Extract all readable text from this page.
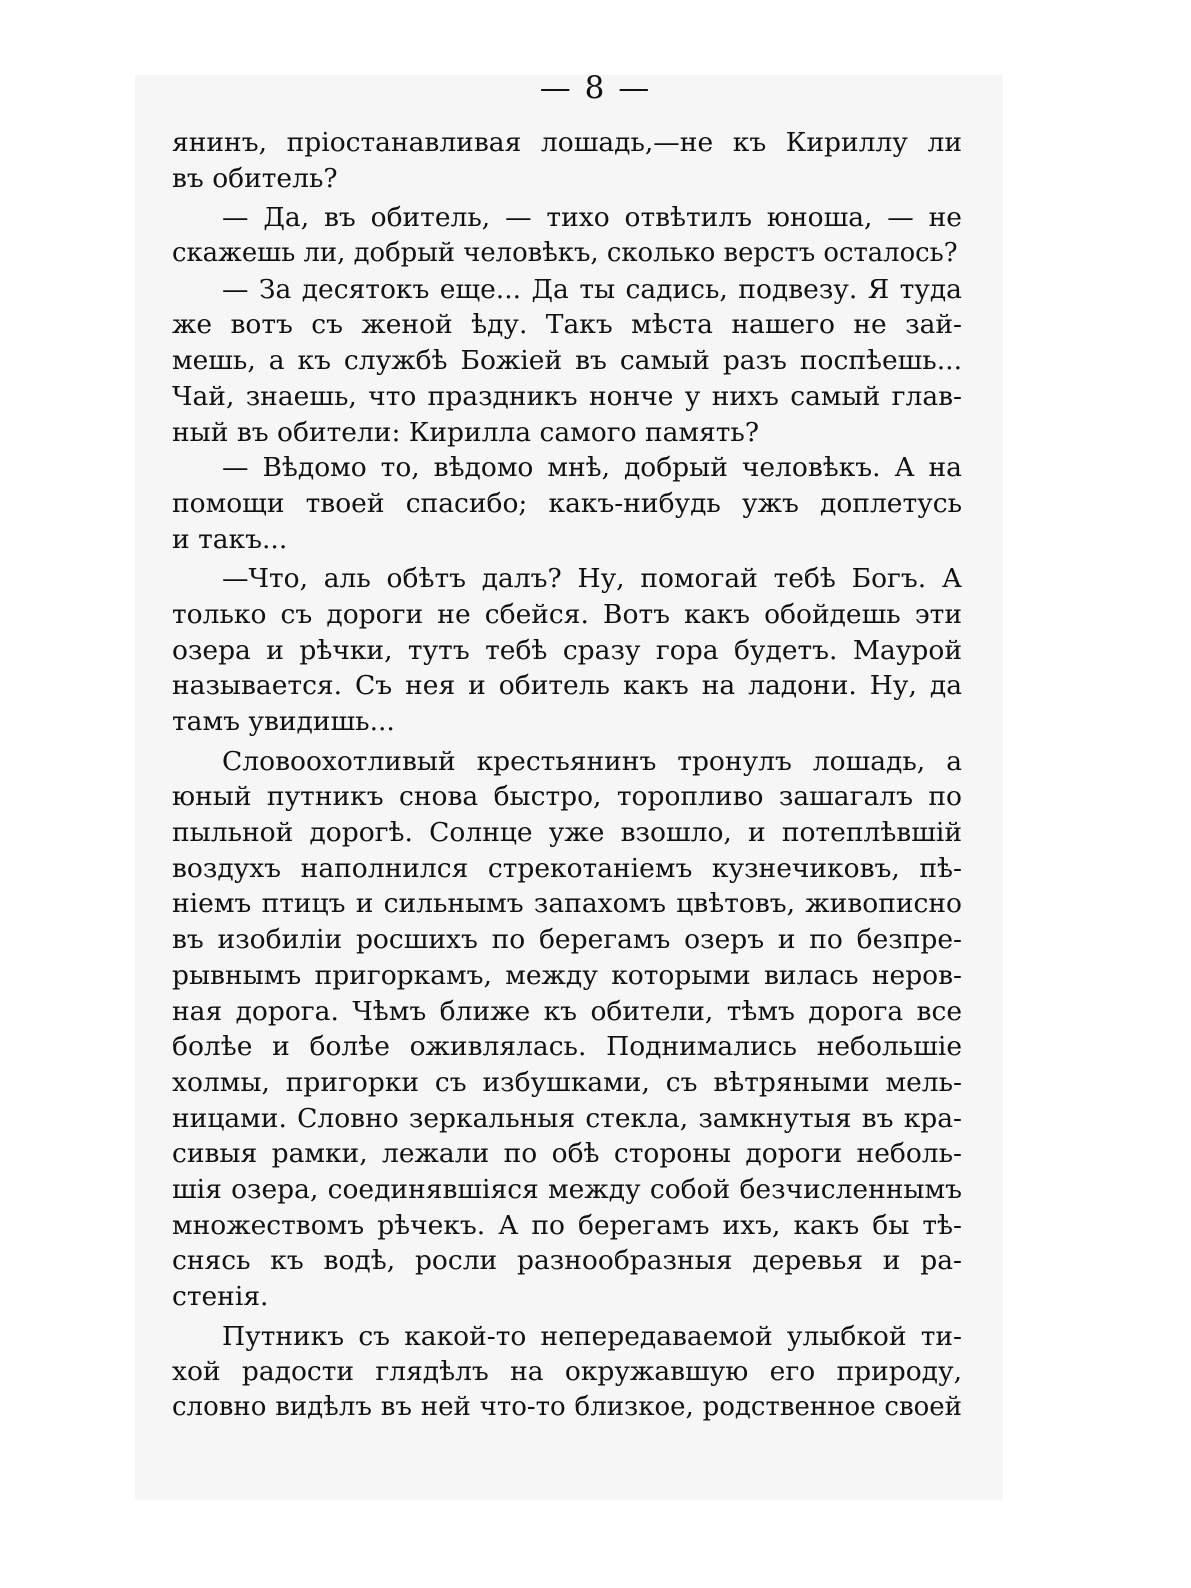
— 8 —
янинъ, пріостанавливая лошадь,—не къ Кириллу ли
въ обитель?
— Да, въ обитель, — тихо отвѣтилъ юноша, — не
скажешь ли, добрый человѣкъ, сколько верстъ осталось?
— За десятокъ еще... Да ты садись, подвезу. Я туда
же вотъ съ женой ѣду. Такъ мѣста нашего не зай-
мешь, а къ службѣ Божiей въ самый разъ поспѣешь...
Чай, знаешь, что праздникъ нонче у нихъ самый глав-
ный въ обители: Кирилла самого память?
— Вѣдомо то, вѣдомо мнѣ, добрый человѣкъ. А на
помощи твоей спасибо; какъ-нибудь ужъ доплетусь
и такъ...
—Что, аль обѣтъ далъ? Ну, помогай тебѣ Богъ. А
только съ дороги не сбейся. Вотъ какъ обойдешь эти
озера и рѣчки, тутъ тебѣ сразу гора будетъ. Маурой
называется. Съ нея и обитель какъ на ладони. Ну, да
тамъ увидишь...
Словоохотливый крестьянинъ тронулъ лошадь, а
юный путникъ снова быстро, торопливо зашагалъ по
пыльной дорогѣ. Солнце уже взошло, и потеплѣвшій
воздухъ наполнился стрекотаніемъ кузнечиковъ, пѣ-
ніемъ птицъ и сильнымъ запахомъ цвѣтовъ, живописно
въ изобиліи росшихъ по берегамъ озеръ и по безпре-
рывнымъ пригоркамъ, между которыми вилась неров-
ная дорога. Чѣмъ ближе къ обители, тѣмъ дорога все
болѣе и болѣе оживлялась. Поднимались небольшіе
холмы, пригорки съ избушками, съ вѣтряными мель-
ницами. Словно зеркальныя стекла, замкнутыя въ кра-
сивыя рамки, лежали по обѣ стороны дороги неболь-
шія озера, соединявшіяся между собой безчисленнымъ
множествомъ рѣчекъ. А по берегамъ ихъ, какъ бы тѣ-
снясь къ водѣ, росли разнообразныя деревья и ра-
стенія.
Путникъ съ какой-то непередаваемой улыбкой ти-
хой радости глядѣлъ на окружавшую его природу,
словно видѣлъ въ ней что-то близкое, родственное своей
